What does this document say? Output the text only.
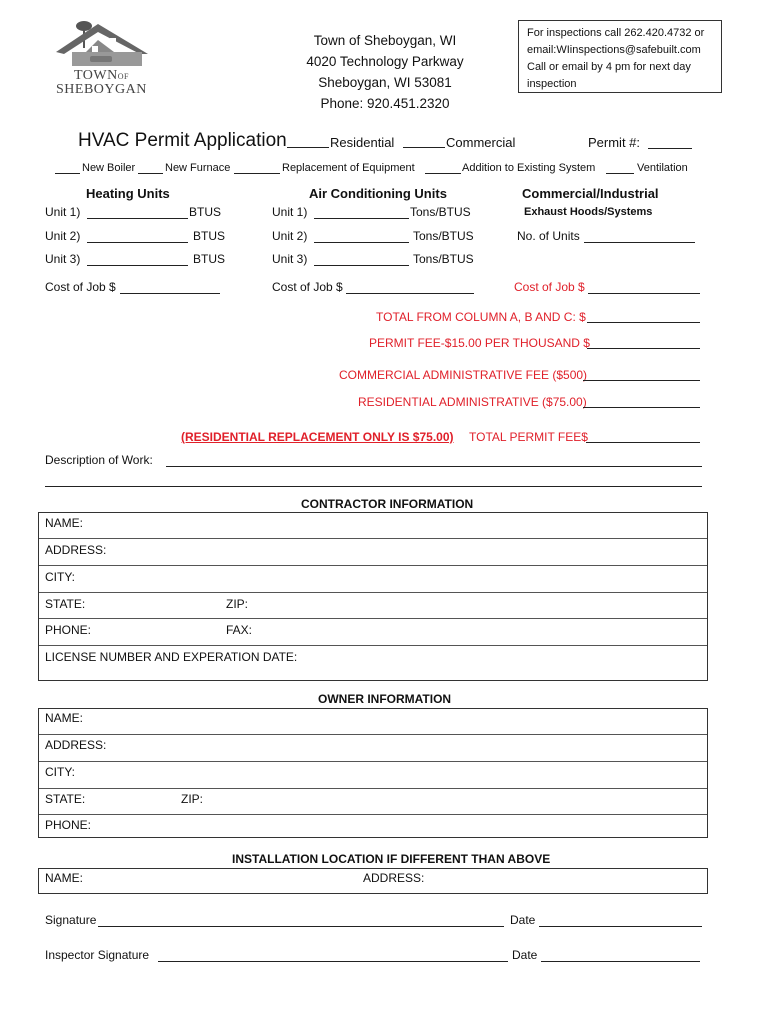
TOWNOF
SHEBOYGAN
Town of Sheboygan, WI
4020 Technology Parkway
Sheboygan, WI 53081
Phone: 920.451.2320
For inspections call 262.420.4732 or
email:WIinspections@safebuilt.com
Call or email by 4 pm for next day
inspection
HVAC Permit Application	Residential	Commercial	Permit #:
New Boiler	New Furnace	Replacement of Equipment	Addition to Existing System	Ventilation
Heating Units
Unit 1)	BTUS
Unit 2)	BTUS
Unit 3)	BTUS
Cost of Job $
Air Conditioning Units
Unit 1)	Tons/BTUS
Unit 2)	Tons/BTUS
Unit 3)	Tons/BTUS
Cost of Job $
Commercial/Industrial
Exhaust Hoods/Systems
No. of Units
Cost of Job $
TOTAL FROM COLUMN A, B AND C: $
PERMIT FEE-$15.00 PER THOUSAND $
COMMERCIAL ADMINISTRATIVE FEE ($500)
RESIDENTIAL ADMINISTRATIVE ($75.00)
(RESIDENTIAL REPLACEMENT ONLY IS $75.00) TOTAL PERMIT FEE$
Description of Work:
CONTRACTOR INFORMATION
NAME:
ADDRESS:
CITY:
STATE:	ZIP:
PHONE:	FAX:
LICENSE NUMBER AND EXPERATION DATE:
OWNER INFORMATION
NAME:
ADDRESS:
CITY:
STATE:	ZIP:
PHONE:
INSTALLATION LOCATION IF DIFFERENT THAN ABOVE
NAME:	ADDRESS:
Signature	Date
Inspector Signature	Date
